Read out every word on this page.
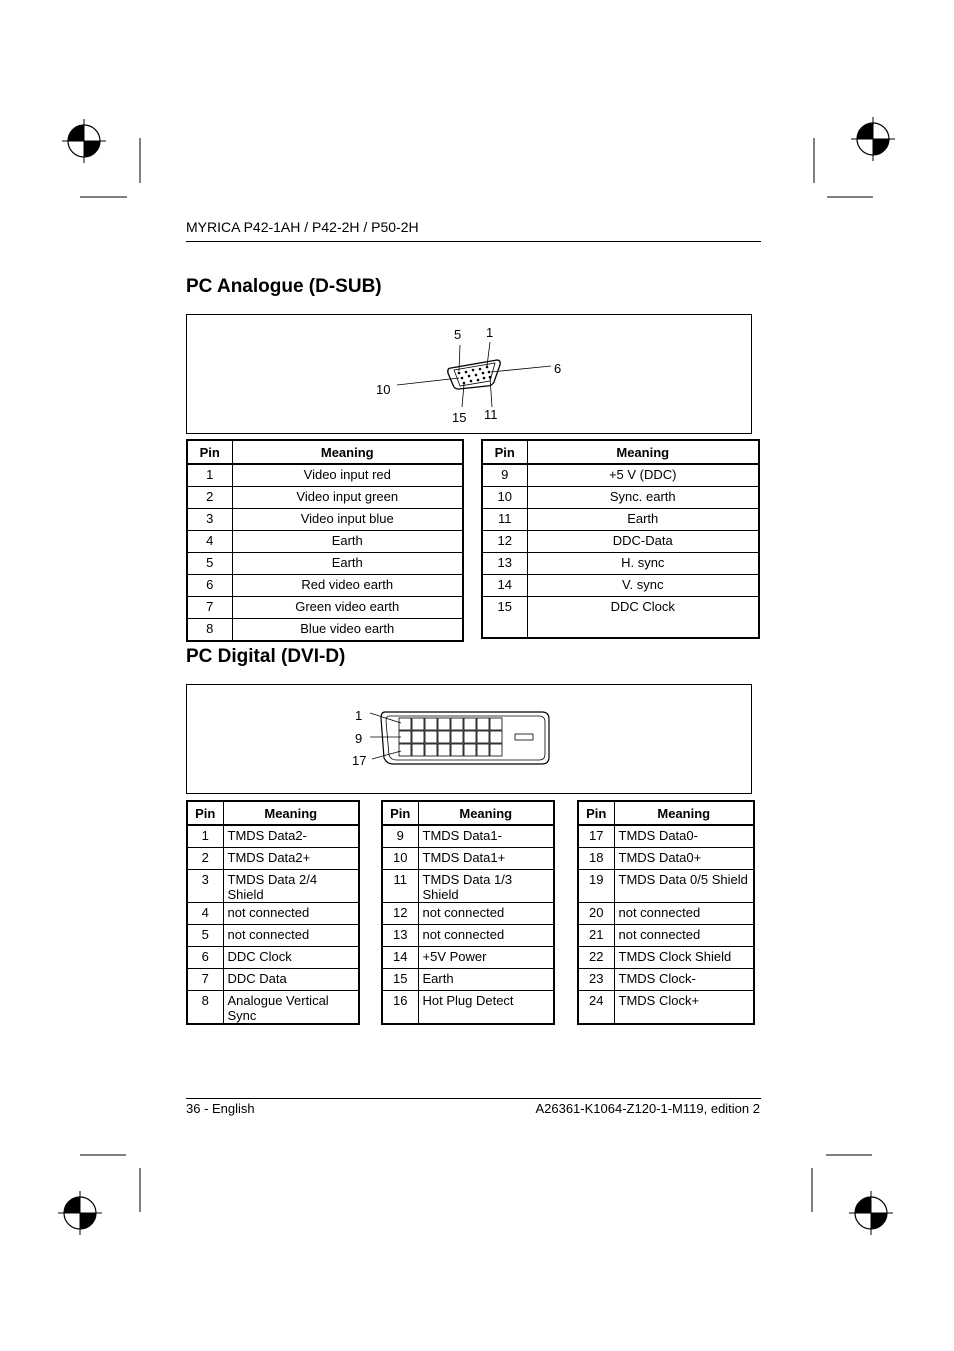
MYRICA P42-1AH / P42-2H / P50-2H
PC Analogue (D-SUB)
5 1
6
10
15 11
Pin	Meaning
1	Video input red
2	Video input green
3	Video input blue
4	Earth
5	Earth
6	Red video earth
7	Green video earth
8	Blue video earth
Pin	Meaning
9	+5 V (DDC)
10	Sync. earth
11	Earth
12	DDC-Data
13	H. sync
14	V. sync
15	DDC Clock
PC Digital (DVI-D)
1
9
17
Pin	Meaning
1	TMDS Data2-
2	TMDS Data2+
3	TMDS Data 2/4 Shield
4	not connected
5	not connected
6	DDC Clock
7	DDC Data
8	Analogue Vertical Sync
Pin	Meaning
9	TMDS Data1-
10	TMDS Data1+
11	TMDS Data 1/3 Shield
12	not connected
13	not connected
14	+5V Power
15	Earth
16	Hot Plug Detect
Pin	Meaning
17	TMDS Data0-
18	TMDS Data0+
19	TMDS Data 0/5 Shield
20	not connected
21	not connected
22	TMDS Clock Shield
23	TMDS Clock-
24	TMDS Clock+
36 - English	A26361-K1064-Z120-1-M119, edition 2
